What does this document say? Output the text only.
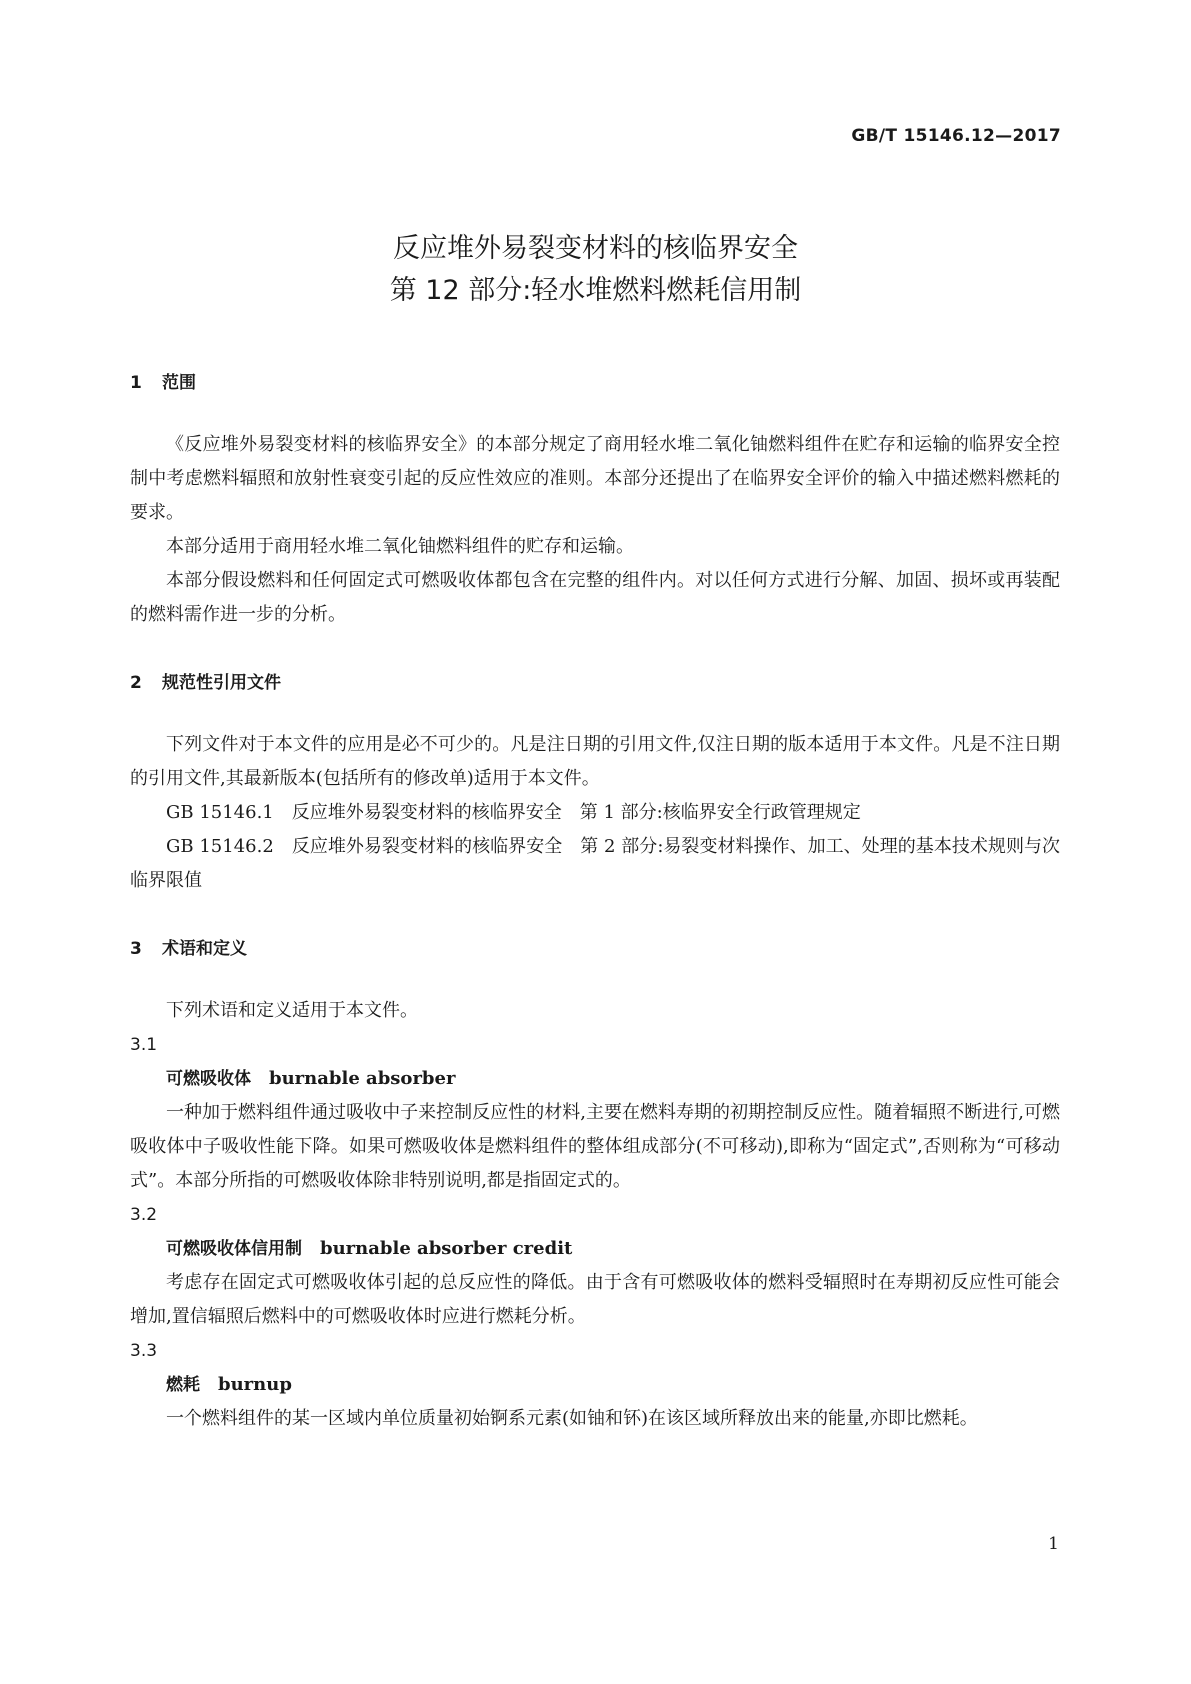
GB/T 15146.12—2017
反应堆外易裂变材料的核临界安全
第 12 部分:轻水堆燃料燃耗信用制

1 范围

《反应堆外易裂变材料的核临界安全》的本部分规定了商用轻水堆二氧化铀燃料组件在贮存和运输的临界安全控制中考虑燃料辐照和放射性衰变引起的反应性效应的准则。本部分还提出了在临界安全评价的输入中描述燃料燃耗的要求。

本部分适用于商用轻水堆二氧化铀燃料组件的贮存和运输。

本部分假设燃料和任何固定式可燃吸收体都包含在完整的组件内。对以任何方式进行分解、加固、损坏或再装配的燃料需作进一步的分析。

2 规范性引用文件

下列文件对于本文件的应用是必不可少的。凡是注日期的引用文件,仅注日期的版本适用于本文件。凡是不注日期的引用文件,其最新版本(包括所有的修改单)适用于本文件。

GB 15146.1 反应堆外易裂变材料的核临界安全 第 1 部分:核临界安全行政管理规定

GB 15146.2 反应堆外易裂变材料的核临界安全 第 2 部分:易裂变材料操作、加工、处理的基本技术规则与次临界限值

3 术语和定义

下列术语和定义适用于本文件。

3.1

可燃吸收体 burnable absorber

一种加于燃料组件通过吸收中子来控制反应性的材料,主要在燃料寿期的初期控制反应性。随着辐照不断进行,可燃吸收体中子吸收性能下降。如果可燃吸收体是燃料组件的整体组成部分(不可移动),即称为“固定式”,否则称为“可移动式”。本部分所指的可燃吸收体除非特别说明,都是指固定式的。

3.2

可燃吸收体信用制 burnable absorber credit

考虑存在固定式可燃吸收体引起的总反应性的降低。由于含有可燃吸收体的燃料受辐照时在寿期初反应性可能会增加,置信辐照后燃料中的可燃吸收体时应进行燃耗分析。

3.3

燃耗 burnup

一个燃料组件的某一区域内单位质量初始锕系元素(如铀和钚)在该区域所释放出来的能量,亦即比燃耗。

1
